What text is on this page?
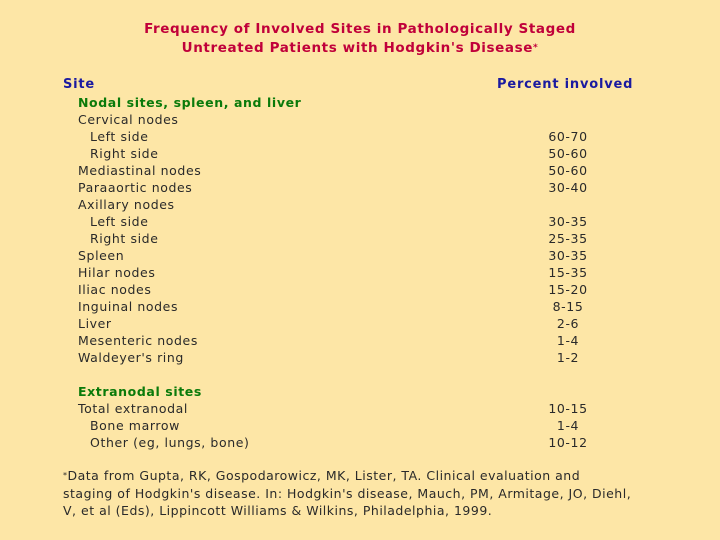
Frequency of Involved Sites in Pathologically Staged
Untreated Patients with Hodgkin's Disease*
Site	Percent involved
Nodal sites, spleen, and liver
Cervical nodes
Left side	60-70
Right side	50-60
Mediastinal nodes	50-60
Paraaortic nodes	30-40
Axillary nodes
Left side	30-35
Right side	25-35
Spleen	30-35
Hilar nodes	15-35
Iliac nodes	15-20
Inguinal nodes	8-15
Liver	2-6
Mesenteric nodes	1-4
Waldeyer's ring	1-2
Extranodal sites
Total extranodal	10-15
Bone marrow	1-4
Other (eg, lungs, bone)	10-12
*Data from Gupta, RK, Gospodarowicz, MK, Lister, TA. Clinical evaluation and
staging of Hodgkin's disease. In: Hodgkin's disease, Mauch, PM, Armitage, JO, Diehl,
V, et al (Eds), Lippincott Williams & Wilkins, Philadelphia, 1999.
